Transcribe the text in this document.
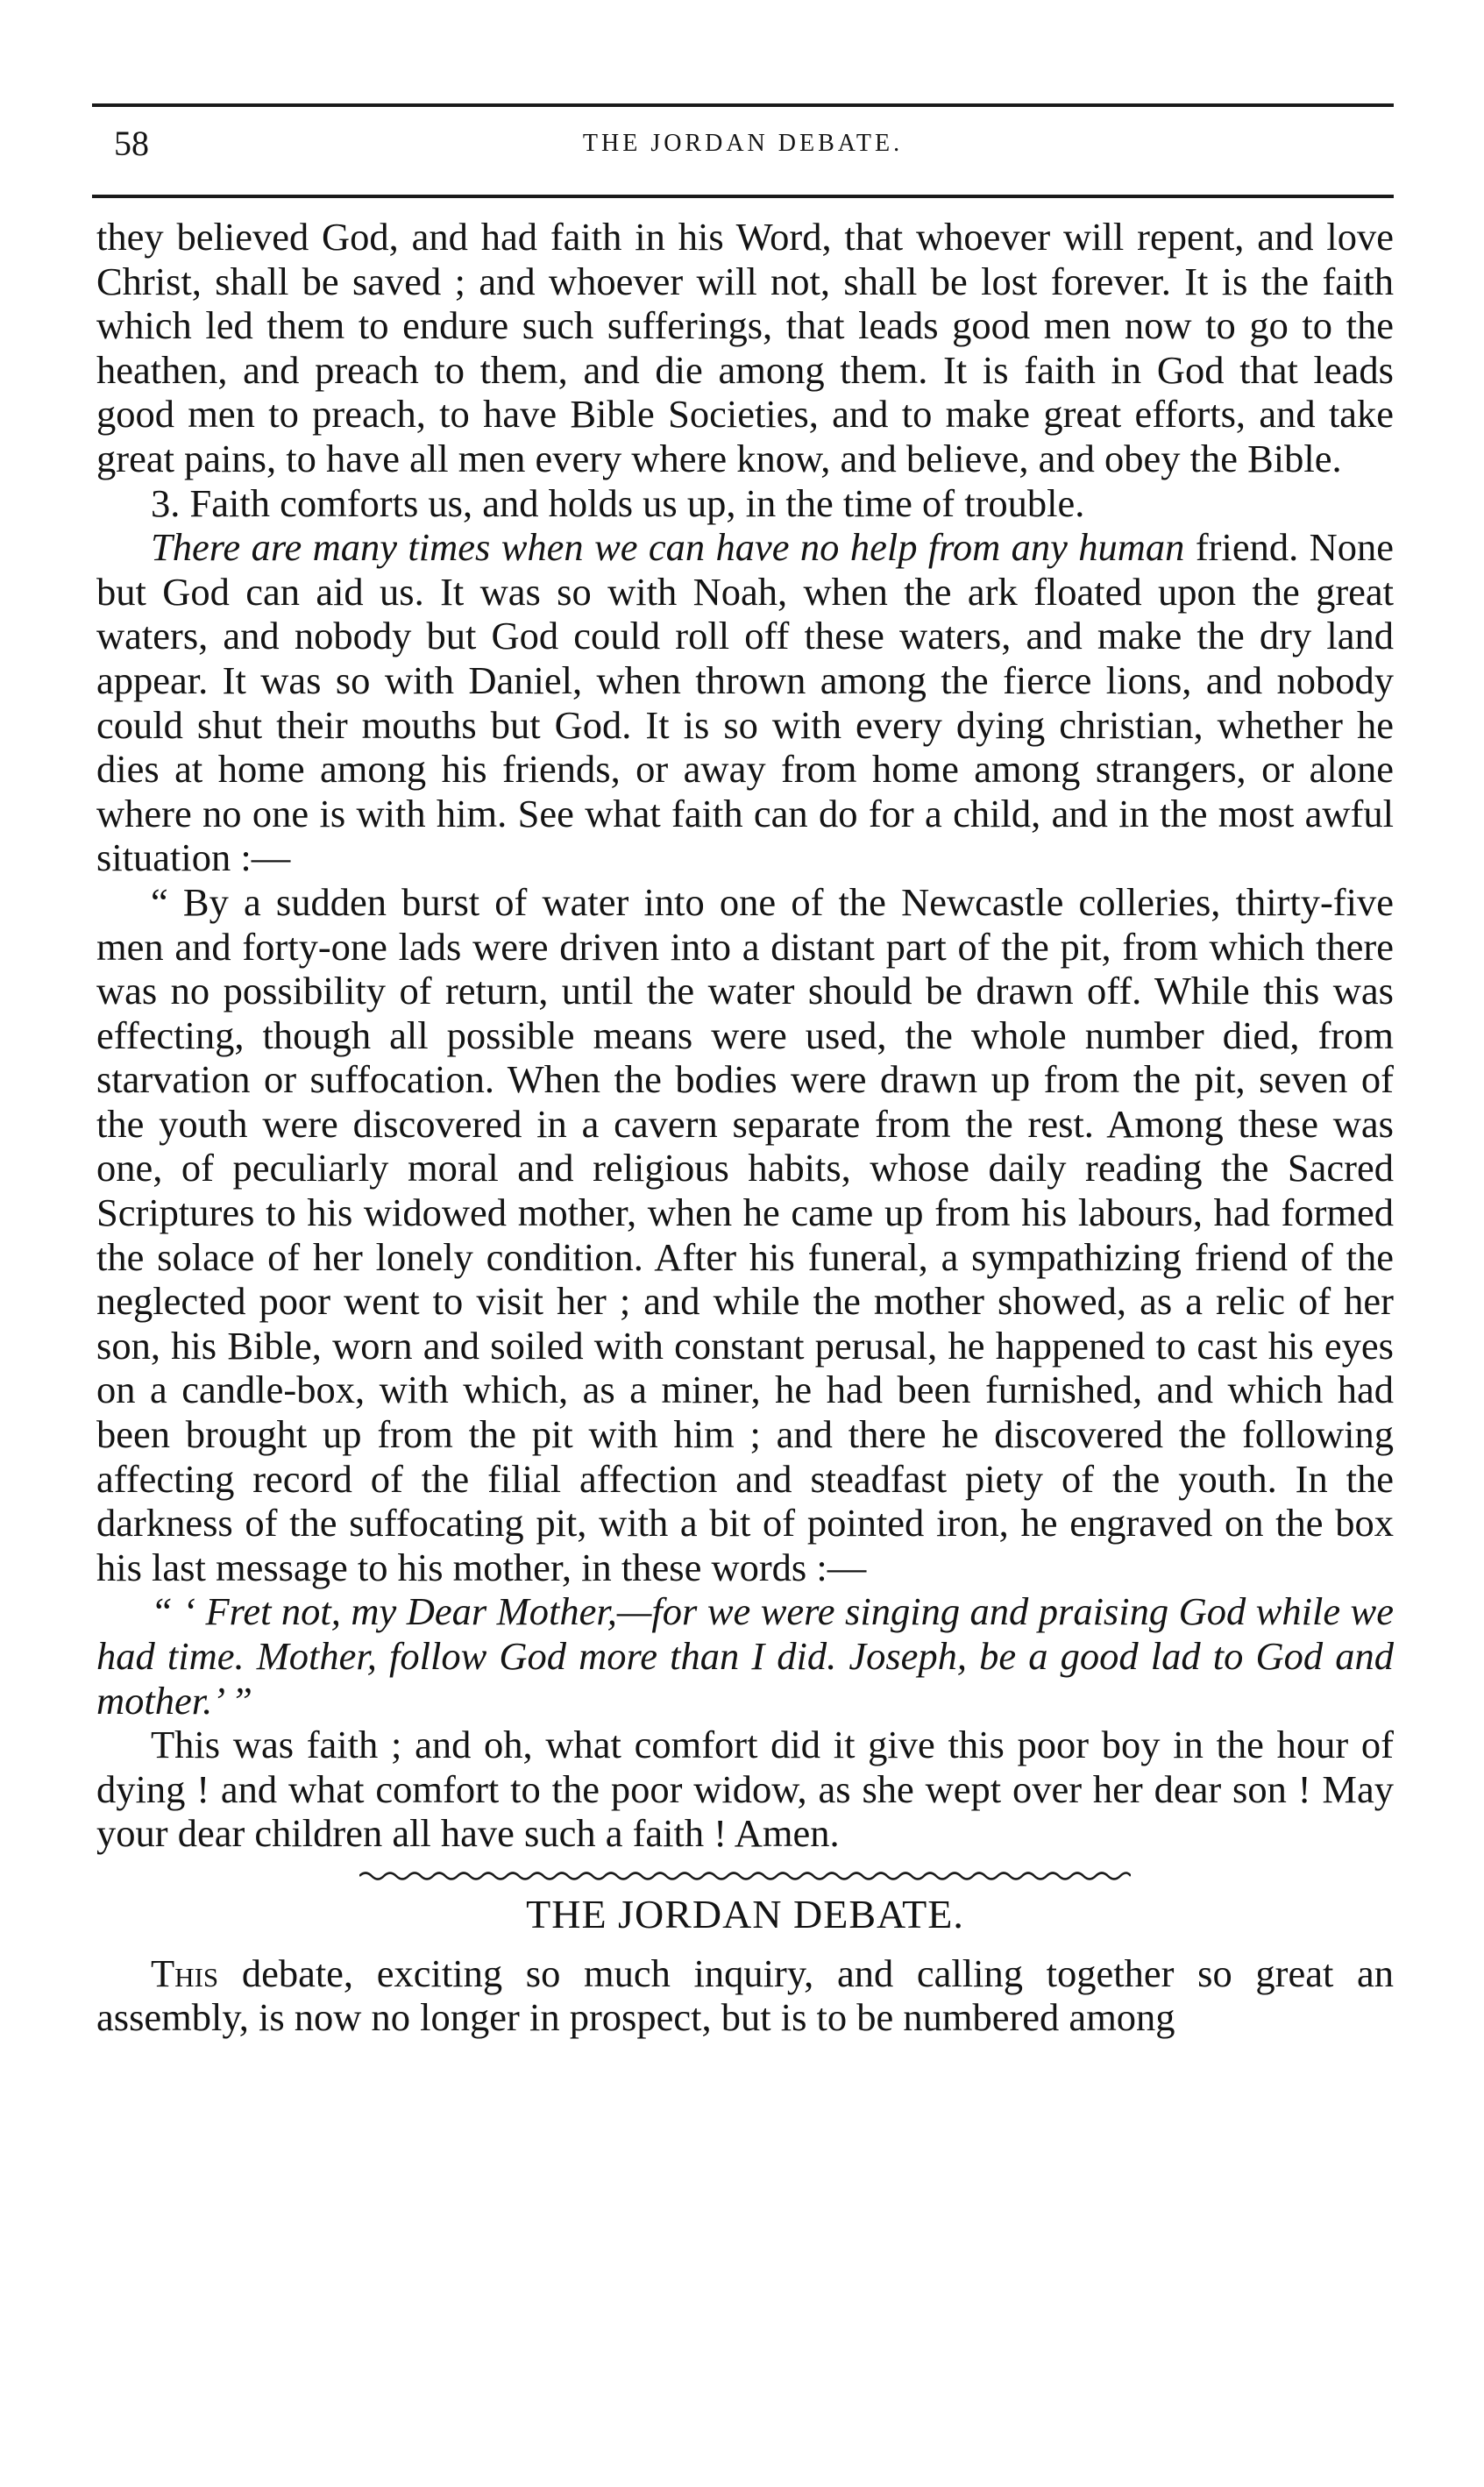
58	THE JORDAN DEBATE.

they believed God, and had faith in his Word, that whoever will repent, and love Christ, shall be saved ; and whoever will not, shall be lost forever. It is the faith which led them to endure such sufferings, that leads good men now to go to the heathen, and preach to them, and die among them. It is faith in God that leads good men to preach, to have Bible Societies, and to make great efforts, and take great pains, to have all men every where know, and believe, and obey the Bible.

3. Faith comforts us, and holds us up, in the time of trouble.

There are many times when we can have no help from any human friend. None but God can aid us. It was so with Noah, when the ark floated upon the great waters, and nobody but God could roll off these waters, and make the dry land appear. It was so with Daniel, when thrown among the fierce lions, and nobody could shut their mouths but God. It is so with every dying christian, whether he dies at home among his friends, or away from home among strangers, or alone where no one is with him. See what faith can do for a child, and in the most awful situation :—

“ By a sudden burst of water into one of the Newcastle colleries, thirty-five men and forty-one lads were driven into a distant part of the pit, from which there was no possibility of return, until the water should be drawn off. While this was effecting, though all possible means were used, the whole number died, from starvation or suffocation. When the bodies were drawn up from the pit, seven of the youth were discovered in a cavern separate from the rest. Among these was one, of peculiarly moral and religious habits, whose daily reading the Sacred Scriptures to his widowed mother, when he came up from his labours, had formed the solace of her lonely condition. After his funeral, a sympathizing friend of the neglected poor went to visit her ; and while the mother showed, as a relic of her son, his Bible, worn and soiled with constant perusal, he happened to cast his eyes on a candle-box, with which, as a miner, he had been furnished, and which had been brought up from the pit with him ; and there he discovered the following affecting record of the filial affection and steadfast piety of the youth. In the darkness of the suffocating pit, with a bit of pointed iron, he engraved on the box his last message to his mother, in these words :—

“ ‘ Fret not, my Dear Mother,—for we were singing and praising God while we had time. Mother, follow God more than I did. Joseph, be a good lad to God and mother.’ ”

This was faith ; and oh, what comfort did it give this poor boy in the hour of dying ! and what comfort to the poor widow, as she wept over her dear son ! May your dear children all have such a faith ! Amen.

THE JORDAN DEBATE.

This debate, exciting so much inquiry, and calling together so great an assembly, is now no longer in prospect, but is to be numbered among
